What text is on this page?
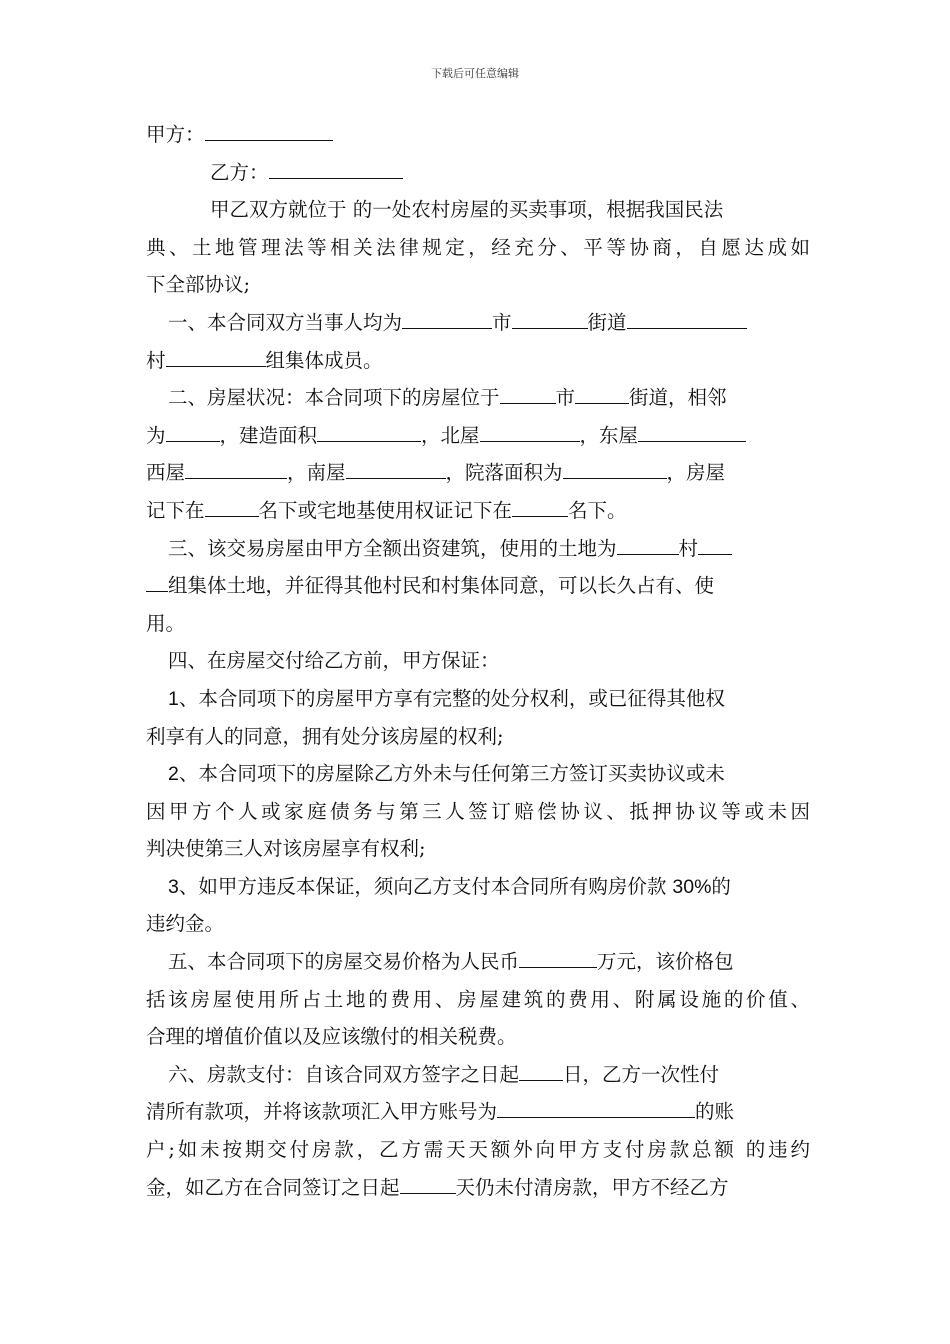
下载后可任意编辑
甲方：
乙方：
甲乙双方就位于 的一处农村房屋的买卖事项，根据我国民法
典、土地管理法等相关法律规定，经充分、平等协商，自愿达成如
下全部协议;
一、本合同双方当事人均为	市	街道
村	组集体成员。
二、房屋状况：本合同项下的房屋位于	市	街道，相邻
为	，建造面积	，北屋	，东屋
西屋	，南屋	，院落面积为	，房屋
记下在	名下或宅地基使用权证记下在	名下。
三、该交易房屋由甲方全额出资建筑，使用的土地为	村
组集体土地，并征得其他村民和村集体同意，可以长久占有、使
用。
四、在房屋交付给乙方前，甲方保证：
1、本合同项下的房屋甲方享有完整的处分权利，或已征得其他权
利享有人的同意，拥有处分该房屋的权利;
2、本合同项下的房屋除乙方外未与任何第三方签订买卖协议或未
因甲方个人或家庭债务与第三人签订赔偿协议、抵押协议等或未因
判决使第三人对该房屋享有权利;
3、如甲方违反本保证，须向乙方支付本合同所有购房价款 30%的
违约金。
五、本合同项下的房屋交易价格为人民币	万元，该价格包
括该房屋使用所占土地的费用、房屋建筑的费用、附属设施的价值、
合理的增值价值以及应该缴付的相关税费。
六、房款支付：自该合同双方签字之日起 日，乙方一次性付
清所有款项，并将该款项汇入甲方账号为	的账
户;如未按期交付房款，乙方需天天额外向甲方支付房款总额 的违约
金，如乙方在合同签订之日起	天仍未付清房款，甲方不经乙方
